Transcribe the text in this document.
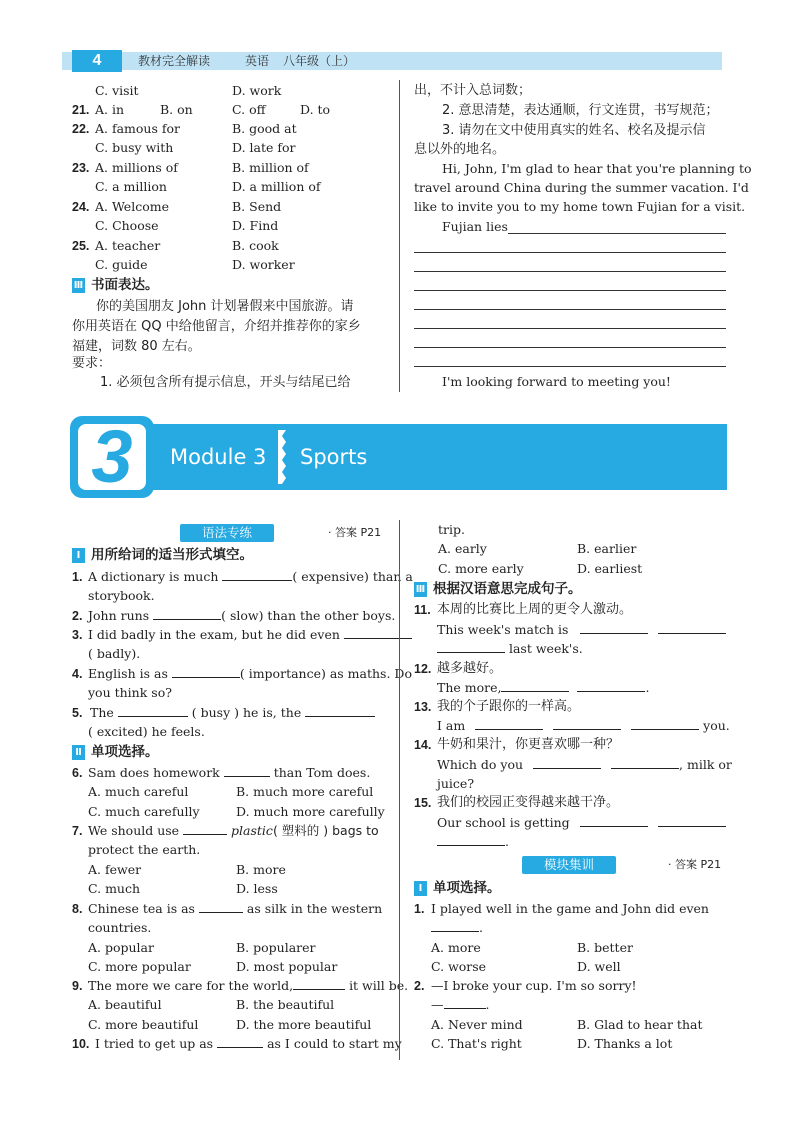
4	教材完全解读	英语 八年级（上）
C. visit	D. work
21. A. in	B. on	C. off	D. to
22. A. famous for	B. good at
C. busy with	D. late for
23. A. millions of	B. million of
C. a million	D. a million of
24. A. Welcome	B. Send
C. Choose	D. Find
25. A. teacher	B. cook
C. guide	D. worker
Ⅲ 书面表达。
你的美国朋友 John 计划暑假来中国旅游。请
你用英语在 QQ 中给他留言，介绍并推荐你的家乡
福建，词数 80 左右。
要求：
1. 必须包含所有提示信息，开头与结尾已给
出，不计入总词数；
2. 意思清楚，表达通顺，行文连贯，书写规范；
3. 请勿在文中使用真实的姓名、校名及提示信
息以外的地名。
Hi, John, I'm glad to hear that you're planning to
travel around China during the summer vacation. I'd
like to invite you to my home town Fujian for a visit.
Fujian lies
I'm looking forward to meeting you!
3	Module 3 Sports
语法专练	· 答案 P21
Ⅰ 用所给词的适当形式填空。
1. A dictionary is much	( expensive) than a
storybook.
2. John runs	( slow) than the other boys.
3. I did badly in the exam, but he did even
( badly).
4. English is as	( importance) as maths. Do
you think so?
5. The	( busy ) he is, the
( excited) he feels.
Ⅱ 单项选择。
6. Sam does homework	than Tom does.
A. much careful	B. much more careful
C. much carefully	D. much more carefully
7. We should use	plastic( 塑料的 ) bags to
protect the earth.
A. fewer	B. more
C. much	D. less
8. Chinese tea is as	as silk in the western
countries.
A. popular	B. popularer
C. more popular	D. most popular
9. The more we care for the world,	it will be.
A. beautiful	B. the beautiful
C. more beautiful	D. the more beautiful
10. I tried to get up as	as I could to start my
trip.
A. early	B. earlier
C. more early	D. earliest
Ⅲ 根据汉语意思完成句子。
11. 本周的比赛比上周的更令人激动。
This week's match is
last week's.
12. 越多越好。
The more,	.
13. 我的个子跟你的一样高。
I am	you.
14. 牛奶和果汁，你更喜欢哪一种？
Which do you	, milk or
juice?
15. 我们的校园正变得越来越干净。
Our school is getting
.
模块集训	· 答案 P21
Ⅰ 单项选择。
1. I played well in the game and John did even
.
A. more	B. better
C. worse	D. well
2. —I broke your cup. I'm so sorry!
—	.
A. Never mind	B. Glad to hear that
C. That's right	D. Thanks a lot
